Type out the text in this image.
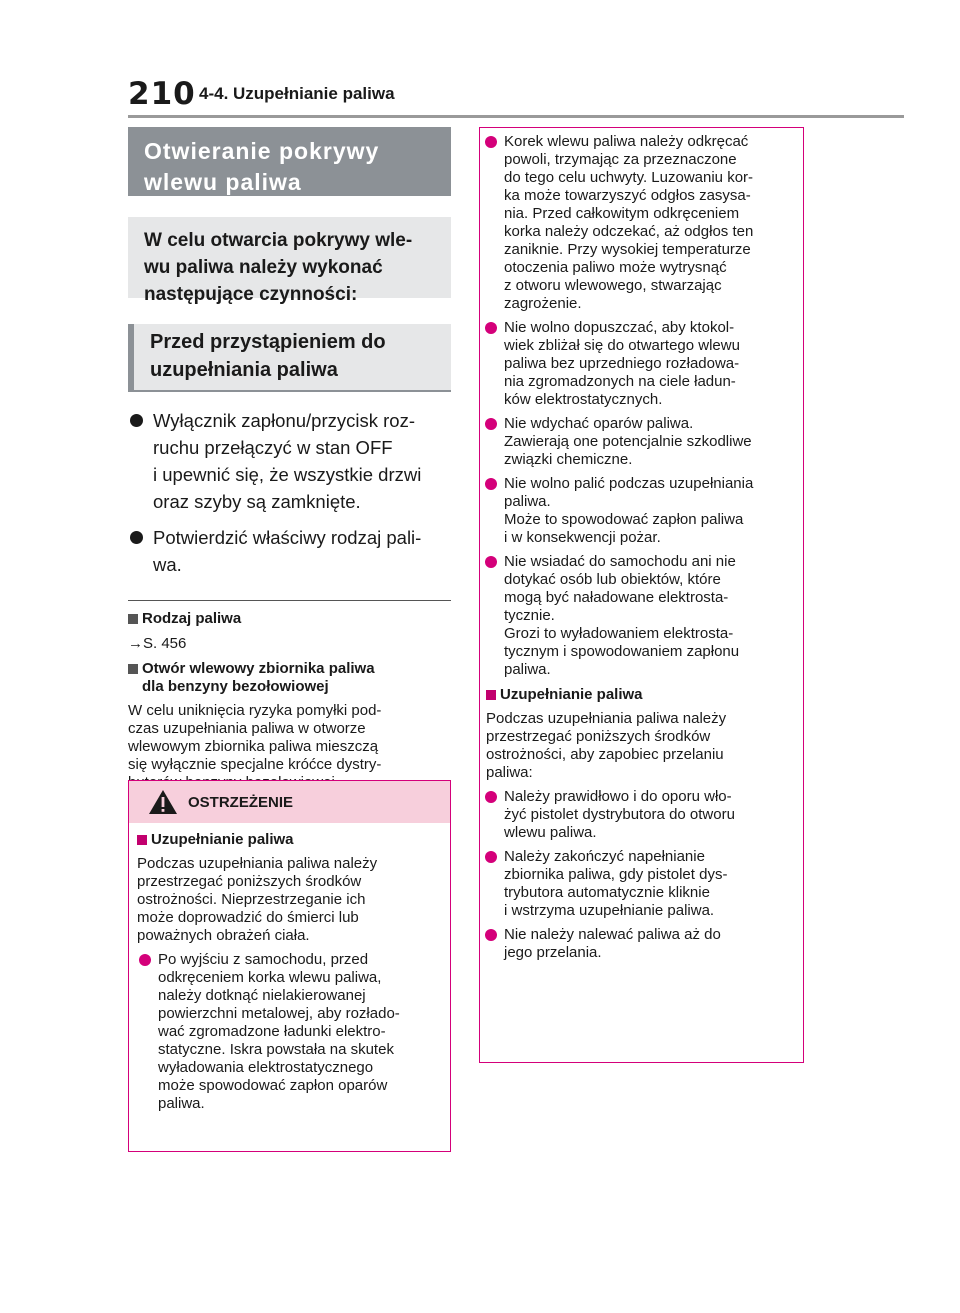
210 4-4. Uzupełnianie paliwa
Otwieranie pokrywy wlewu paliwa
W celu otwarcia pokrywy wle-
wu paliwa należy wykonać
następujące czynności:
Przed przystąpieniem do
uzupełniania paliwa
Wyłącznik zapłonu/przycisk roz-
ruchu przełączyć w stan OFF
i upewnić się, że wszystkie drzwi
oraz szyby są zamknięte.
Potwierdzić właściwy rodzaj pali-
wa.
Rodzaj paliwa
→S. 456
Otwór wlewowy zbiornika paliwa
dla benzyny bezołowiowej
W celu uniknięcia ryzyka pomyłki pod-
czas uzupełniania paliwa w otworze
wlewowym zbiornika paliwa mieszczą
się wyłącznie specjalne króćce dystry-

OSTRZEŻENIE
Uzupełnianie paliwa
Podczas uzupełniania paliwa należy
przestrzegać poniższych środków
ostrożności. Nieprzestrzeganie ich
może doprowadzić do śmierci lub
poważnych obrażeń ciała.
Po wyjściu z samochodu, przed
odkręceniem korka wlewu paliwa,
należy dotknąć nielakierowanej
powierzchni metalowej, aby rozłado-
wać zgromadzone ładunki elektro-
statyczne. Iskra powstała na skutek
wyładowania elektrostatycznego
może spowodować zapłon oparów
paliwa.
Korek wlewu paliwa należy odkręcać
powoli, trzymając za przeznaczone
do tego celu uchwyty. Luzowaniu kor-
ka może towarzyszyć odgłos zasysa-
nia. Przed całkowitym odkręceniem
korka należy odczekać, aż odgłos ten
zaniknie. Przy wysokiej temperaturze
otoczenia paliwo może wytrysnąć
z otworu wlewowego, stwarzając
zagrożenie.
Nie wolno dopuszczać, aby ktokol-
wiek zbliżał się do otwartego wlewu
paliwa bez uprzedniego rozładowa-
nia zgromadzonych na ciele ładun-
ków elektrostatycznych.
Nie wdychać oparów paliwa.
Zawierają one potencjalnie szkodliwe
związki chemiczne.
Nie wolno palić podczas uzupełniania
paliwa.
Może to spowodować zapłon paliwa
i w konsekwencji pożar.
Nie wsiadać do samochodu ani nie
dotykać osób lub obiektów, które
mogą być naładowane elektrosta-
tycznie.
Grozi to wyładowaniem elektrosta-
tycznym i spowodowaniem zapłonu
paliwa.
Uzupełnianie paliwa
Podczas uzupełniania paliwa należy
przestrzegać poniższych środków
ostrożności, aby zapobiec przelaniu
paliwa:
Należy prawidłowo i do oporu wło-
żyć pistolet dystrybutora do otworu
wlewu paliwa.
Należy zakończyć napełnianie
zbiornika paliwa, gdy pistolet dys-
trybutora automatycznie kliknie
i wstrzyma uzupełnianie paliwa.
Nie należy nalewać paliwa aż do
jego przelania.
